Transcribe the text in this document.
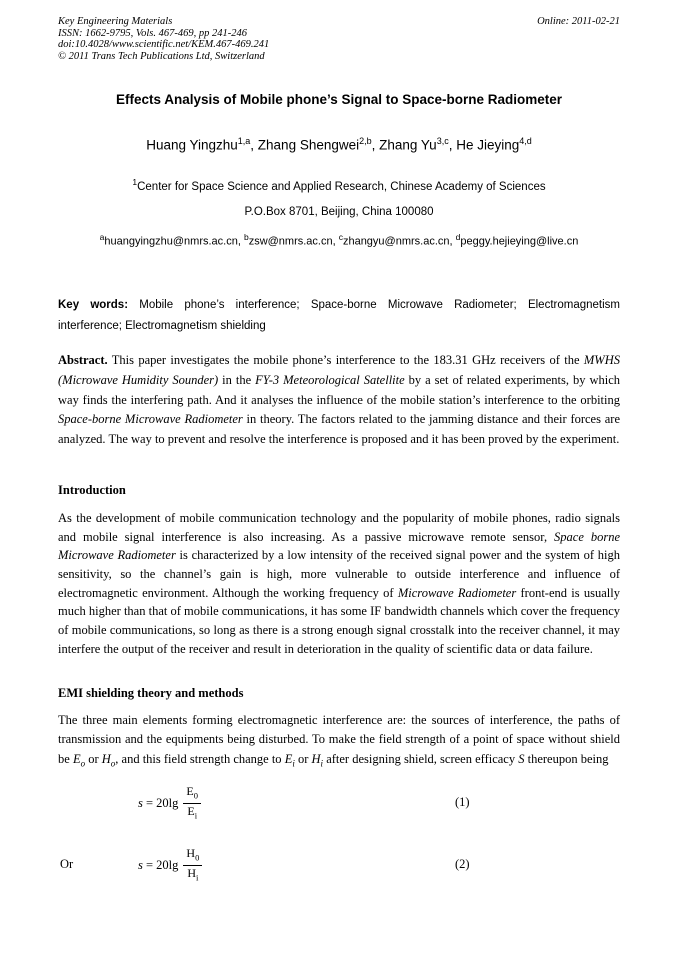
Key Engineering Materials
ISSN: 1662-9795, Vols. 467-469, pp 241-246
doi:10.4028/www.scientific.net/KEM.467-469.241
© 2011 Trans Tech Publications Ltd, Switzerland
Online: 2011-02-21
Effects Analysis of Mobile phone’s Signal to Space-borne Radiometer
Huang Yingzhu$^{1,a}$, Zhang Shengwei$^{2,b}$, Zhang Yu$^{3,c}$, He Jieying$^{4,d}$
$^1$Center for Space Science and Applied Research, Chinese Academy of Sciences
P.O.Box 8701, Beijing, China 100080
$^a$huangyingzhu@nmrs.ac.cn, $^b$zsw@nmrs.ac.cn, $^c$zhangyu@nmrs.ac.cn, $^d$peggy.hejieying@live.cn
Key words: Mobile phone’s interference; Space-borne Microwave Radiometer; Electromagnetism interference; Electromagnetism shielding
Abstract. This paper investigates the mobile phone’s interference to the 183.31 GHz receivers of the MWHS (Microwave Humidity Sounder) in the FY-3 Meteorological Satellite by a set of related experiments, by which way finds the interfering path. And it analyses the influence of the mobile station’s interference to the orbiting Space-borne Microwave Radiometer in theory. The factors related to the jamming distance and their forces are analyzed. The way to prevent and resolve the interference is proposed and it has been proved by the experiment.
Introduction
As the development of mobile communication technology and the popularity of mobile phones, radio signals and mobile signal interference is also increasing. As a passive microwave remote sensor, Space borne Microwave Radiometer is characterized by a low intensity of the received signal power and the system of high sensitivity, so the channel’s gain is high, more vulnerable to outside interference and influence of electromagnetic environment. Although the working frequency of Microwave Radiometer front-end is usually much higher than that of mobile communications, it has some IF bandwidth channels which cover the frequency of mobile communications, so long as there is a strong enough signal crosstalk into the receiver channel, it may interfere the output of the receiver and result in deterioration in the quality of scientific data or data failure.
EMI shielding theory and methods
The three main elements forming electromagnetic interference are: the sources of interference, the paths of transmission and the equipments being disturbed. To make the field strength of a point of space without shield be $E_o$ or $H_o$, and this field strength change to $E_i$ or $H_i$ after designing shield, screen efficacy S thereupon being
$s = 20\lg \frac{E_0}{E_i}$	(1)
Or	$s = 20\lg \frac{H_0}{H_i}$	(2)
